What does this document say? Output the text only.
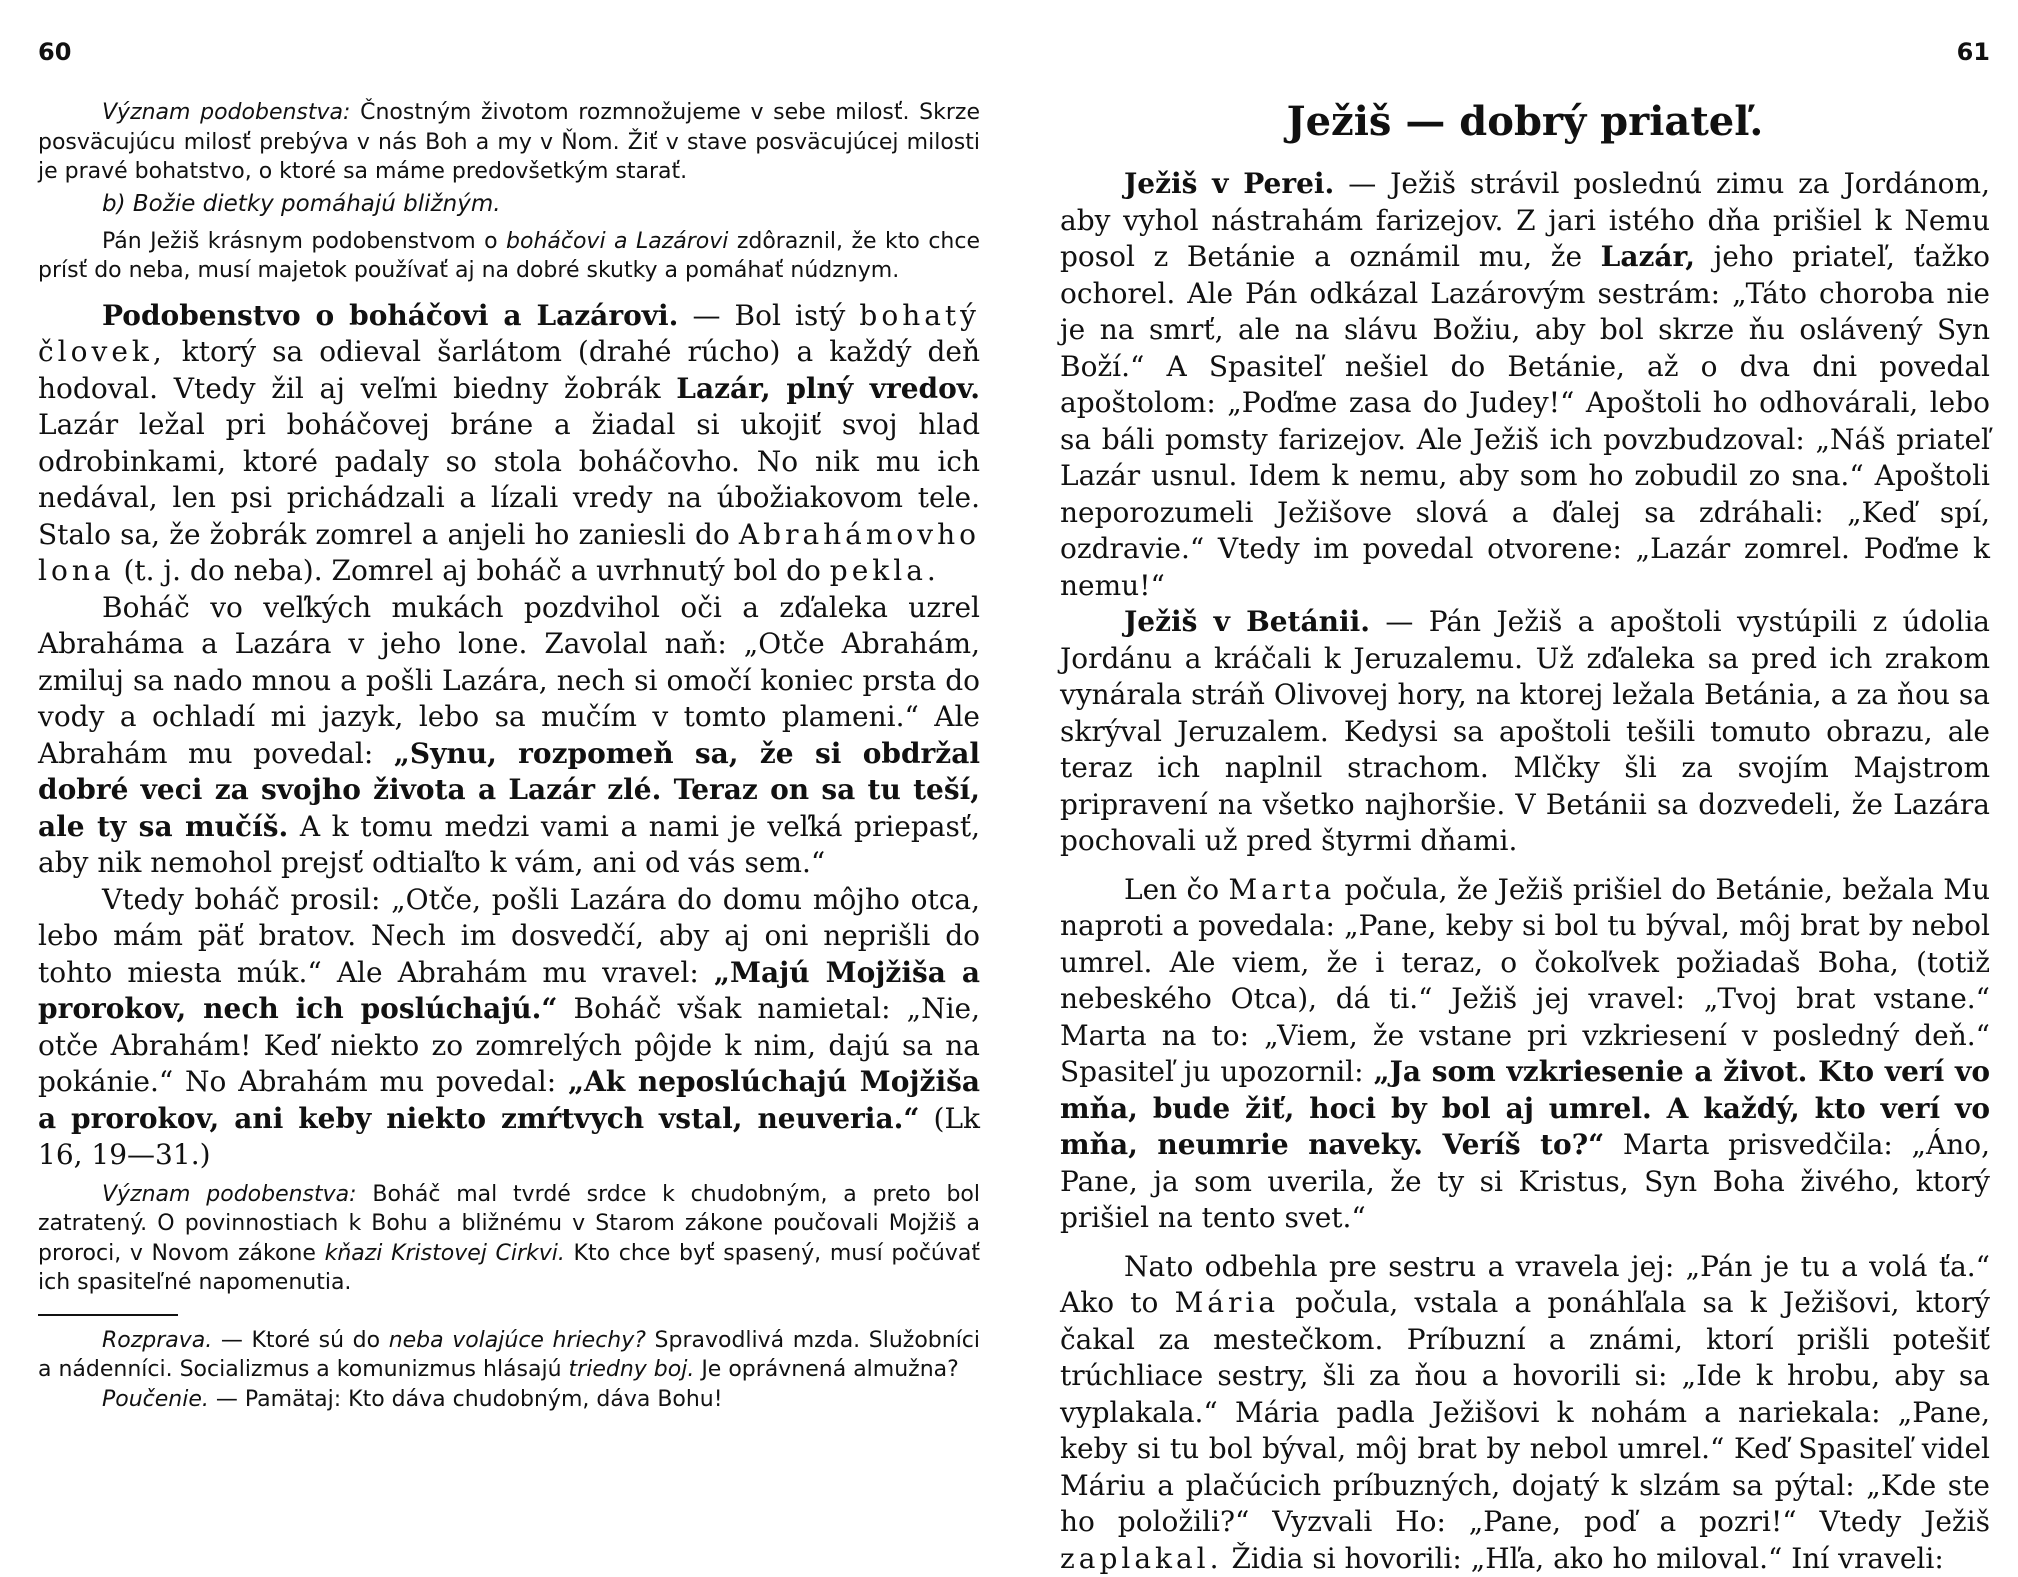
60

Význam podobenstva: Čnostným životom rozmnožujeme v sebe milosť. Skrze posväcujúcu milosť prebýva v nás Boh a my v Ňom. Žiť v stave posväcujúcej milosti je pravé bohatstvo, o ktoré sa máme predovšetkým starať.

b) Božie dietky pomáhajú bližným.

Pán Ježiš krásnym podobenstvom o boháčovi a Lazárovi zdôraznil, že kto chce prísť do neba, musí majetok používať aj na dobré skutky a pomáhať núdznym.

Podobenstvo o boháčovi a Lazárovi. — Bol istý bohatý človek, ktorý sa odieval šarlátom (drahé rúcho) a každý deň hodoval. Vtedy žil aj veľmi biedny žobrák Lazár, plný vredov. Lazár ležal pri boháčovej bráne a žiadal si ukojiť svoj hlad odrobinkami, ktoré padaly so stola boháčovho. No nik mu ich nedával, len psi prichádzali a lízali vredy na úbožiakovom tele. Stalo sa, že žobrák zomrel a anjeli ho zaniesli do Abrahámovho lona (t. j. do neba). Zomrel aj boháč a uvrhnutý bol do pekla.

Boháč vo veľkých mukách pozdvihol oči a zďaleka uzrel Abraháma a Lazára v jeho lone. Zavolal naň: „Otče Abrahám, zmiluj sa nado mnou a pošli Lazára, nech si omočí koniec prsta do vody a ochladí mi jazyk, lebo sa mučím v tomto plameni.“ Ale Abrahám mu povedal: „Synu, rozpomeň sa, že si obdržal dobré veci za svojho života a Lazár zlé. Teraz on sa tu teší, ale ty sa mučíš. A k tomu medzi vami a nami je veľká priepasť, aby nik nemohol prejsť odtiaľto k vám, ani od vás sem.“

Vtedy boháč prosil: „Otče, pošli Lazára do domu môjho otca, lebo mám päť bratov. Nech im dosvedčí, aby aj oni neprišli do tohto miesta múk.“ Ale Abrahám mu vravel: „Majú Mojžiša a prorokov, nech ich poslúchajú.“ Boháč však namietal: „Nie, otče Abrahám! Keď niekto zo zomrelých pôjde k nim, dajú sa na pokánie.“ No Abrahám mu povedal: „Ak neposlúchajú Mojžiša a prorokov, ani keby niekto zmŕtvych vstal, neuveria.“ (Lk 16, 19—31.)

Význam podobenstva: Boháč mal tvrdé srdce k chudobným, a preto bol zatratený. O povinnostiach k Bohu a bližnému v Starom zákone poučovali Mojžiš a proroci, v Novom zákone kňazi Kristovej Cirkvi. Kto chce byť spasený, musí počúvať ich spasiteľné napomenutia.

Rozprava. — Ktoré sú do neba volajúce hriechy? Spravodlivá mzda. Služobníci a nádenníci. Socializmus a komunizmus hlásajú triedny boj. Je oprávnená almužna?

Poučenie. — Pamätaj: Kto dáva chudobným, dáva Bohu!

61
Ježiš — dobrý priateľ.

Ježiš v Perei. — Ježiš strávil poslednú zimu za Jordánom, aby vyhol nástrahám farizejov. Z jari istého dňa prišiel k Nemu posol z Betánie a oznámil mu, že Lazár, jeho priateľ, ťažko ochorel. Ale Pán odkázal Lazárovým sestrám: „Táto choroba nie je na smrť, ale na slávu Božiu, aby bol skrze ňu oslávený Syn Boží.“ A Spasiteľ nešiel do Betánie, až o dva dni povedal apoštolom: „Poďme zasa do Judey!“ Apoštoli ho odhovárali, lebo sa báli pomsty farizejov. Ale Ježiš ich povzbudzoval: „Náš priateľ Lazár usnul. Idem k nemu, aby som ho zobudil zo sna.“ Apoštoli neporozumeli Ježišove slová a ďalej sa zdráhali: „Keď spí, ozdravie.“ Vtedy im povedal otvorene: „Lazár zomrel. Poďme k nemu!“

Ježiš v Betánii. — Pán Ježiš a apoštoli vystúpili z údolia Jordánu a kráčali k Jeruzalemu. Už zďaleka sa pred ich zrakom vynárala stráň Olivovej hory, na ktorej ležala Betánia, a za ňou sa skrýval Jeruzalem. Kedysi sa apoštoli tešili tomuto obrazu, ale teraz ich naplnil strachom. Mlčky šli za svojím Majstrom pripravení na všetko najhoršie. V Betánii sa dozvedeli, že Lazára pochovali už pred štyrmi dňami.

Len čo Marta počula, že Ježiš prišiel do Betánie, bežala Mu naproti a povedala: „Pane, keby si bol tu býval, môj brat by nebol umrel. Ale viem, že i teraz, o čokoľvek požiadaš Boha, (totiž nebeského Otca), dá ti.“ Ježiš jej vravel: „Tvoj brat vstane.“ Marta na to: „Viem, že vstane pri vzkriesení v posledný deň.“ Spasiteľ ju upozornil: „Ja som vzkriesenie a život. Kto verí vo mňa, bude žiť, hoci by bol aj umrel. A každý, kto verí vo mňa, neumrie naveky. Veríš to?“ Marta prisvedčila: „Áno, Pane, ja som uverila, že ty si Kristus, Syn Boha živého, ktorý prišiel na tento svet.“

Nato odbehla pre sestru a vravela jej: „Pán je tu a volá ťa.“ Ako to Mária počula, vstala a ponáhľala sa k Ježišovi, ktorý čakal za mestečkom. Príbuzní a známi, ktorí prišli potešiť trúchliace sestry, šli za ňou a hovorili si: „Ide k hrobu, aby sa vyplakala.“ Mária padla Ježišovi k nohám a nariekala: „Pane, keby si tu bol býval, môj brat by nebol umrel.“ Keď Spasiteľ videl Máriu a plačúcich príbuzných, dojatý k slzám sa pýtal: „Kde ste ho položili?“ Vyzvali Ho: „Pane, poď a pozri!“ Vtedy Ježiš zaplakal. Židia si hovorili: „Hľa, ako ho miloval.“ Iní vraveli:
